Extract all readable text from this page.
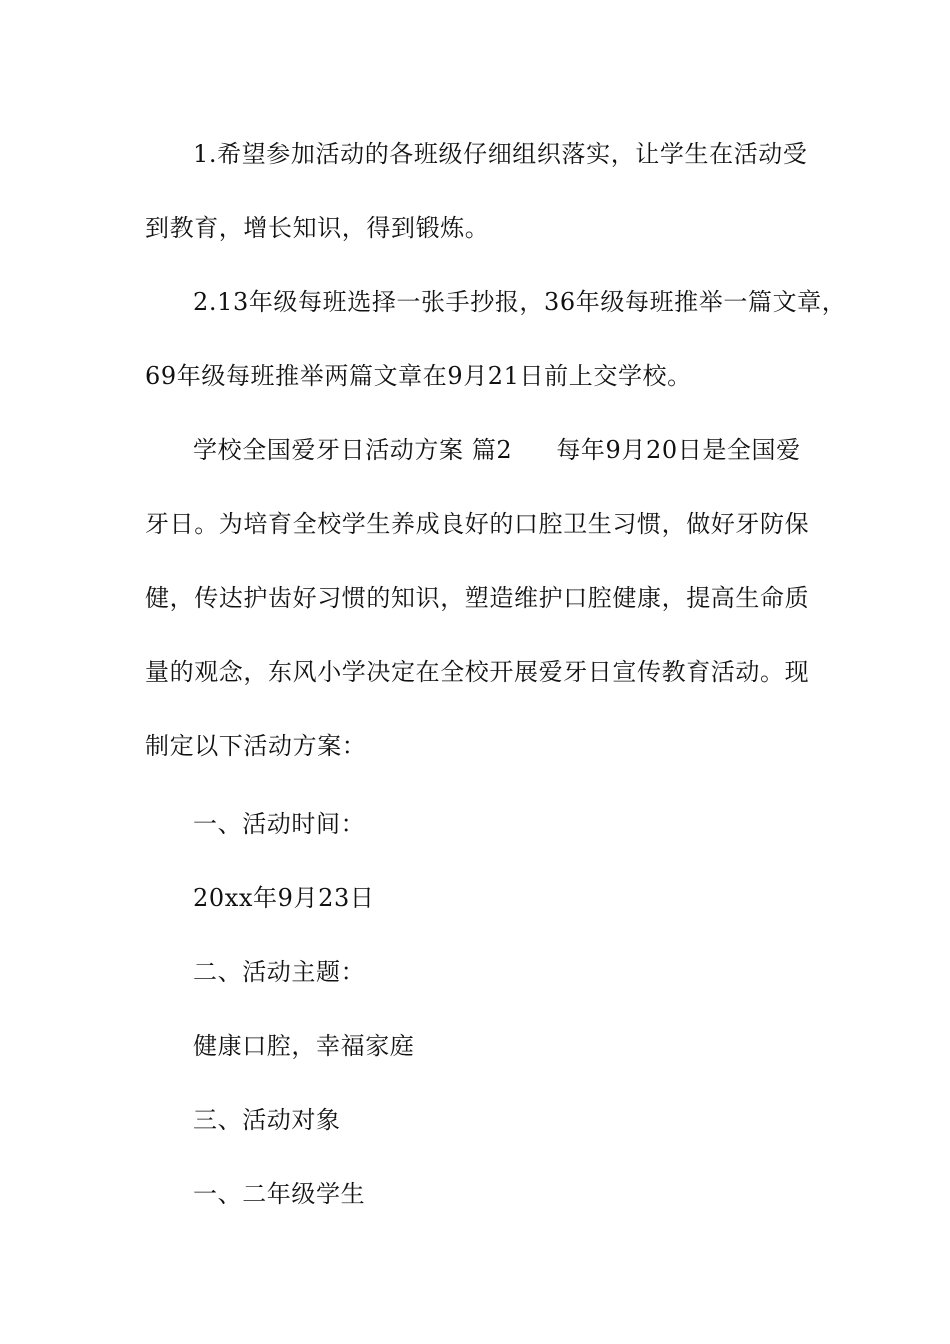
1.希望参加活动的各班级仔细组织落实，让学生在活动受
到教育，增长知识，得到锻炼。
2.13年级每班选择一张手抄报，36年级每班推举一篇文章，
69年级每班推举两篇文章在9月21日前上交学校。
学校全国爱牙日活动方案 篇2 每年9月20日是全国爱
牙日。为培育全校学生养成良好的口腔卫生习惯，做好牙防保
健，传达护齿好习惯的知识，塑造维护口腔健康，提高生命质
量的观念，东风小学决定在全校开展爱牙日宣传教育活动。现
制定以下活动方案：
一、活动时间：
20xx年9月23日
二、活动主题：
健康口腔，幸福家庭
三、活动对象
一、二年级学生
